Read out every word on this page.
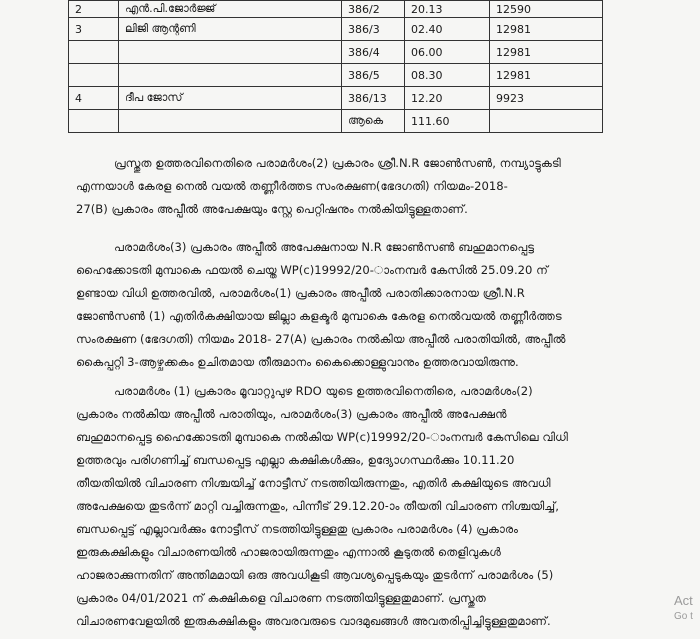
2	എൻ.പി.ജോർജ്ജ്	386/2	20.13	12590
3	ലിജി ആന്റണി	386/3	02.40	12981
		386/4	06.00	12981
		386/5	08.30	12981
4	ദീപ ജോസ്	386/13	12.20	9923
		ആകെ	111.60	
പ്രസ്തുത ഉത്തരവിനെതിരെ പരാമർശം(2) പ്രകാരം ശ്രീ.N.R ജോൺസൺ, നമ്പ്യാട്ടുകടി
എന്നയാൾ കേരള നെൽ വയൽ തണ്ണീർത്തട സംരക്ഷണ(ഭേദഗതി) നിയമം-2018-
27(B) പ്രകാരം അപ്പീൽ അപേക്ഷയും സ്റ്റേ പെറ്റിഷനും നൽകിയിട്ടുള്ളതാണ്.
പരാമർശം(3) പ്രകാരം അപ്പീൽ അപേക്ഷനായ N.R ജോൺസൺ ബഹുമാനപ്പെട്ട
ഹൈക്കോടതി മുമ്പാകെ ഫയൽ ചെയ്ത WP(c)19992/20-ാംനമ്പർ കേസിൽ 25.09.20 ന്
ഉണ്ടായ വിധി ഉത്തരവിൽ, പരാമർശം(1) പ്രകാരം അപ്പീൽ പരാതിക്കാരനായ ശ്രീ.N.R
ജോൺസൺ (1) എതിർകക്ഷിയായ ജില്ലാ കളക്ടർ മുമ്പാകെ കേരള നെൽവയൽ തണ്ണീർത്തട
സംരക്ഷണ (ഭേദഗതി) നിയമം 2018- 27(A) പ്രകാരം നൽകിയ അപ്പീൽ പരാതിയിൽ, അപ്പീൽ
കൈപ്പറ്റി 3-ആഴ്ചക്കകം ഉചിതമായ തീരുമാനം കൈക്കൊള്ളുവാനും ഉത്തരവായിരുന്നു.
പരാമർശം (1) പ്രകാരം മൂവാറ്റുപുഴ RDO യുടെ ഉത്തരവിനെതിരെ, പരാമർശം(2)
പ്രകാരം നൽകിയ അപ്പീൽ പരാതിയും, പരാമർശം(3) പ്രകാരം അപ്പീൽ അപേക്ഷൻ
ബഹുമാനപ്പെട്ട ഹൈക്കോടതി മുമ്പാകെ നൽകിയ WP(c)19992/20-ാംനമ്പർ കേസിലെ വിധി
ഉത്തരവും പരിഗണിച്ച് ബന്ധപ്പെട്ട എല്ലാ കക്ഷികൾക്കും, ഉദ്യോഗസ്ഥർക്കും 10.11.20
തീയതിയിൽ വിചാരണ നിശ്ചയിച്ച് നോട്ടീസ് നടത്തിയിരുന്നതും, എതിർ കക്ഷിയുടെ അവധി
അപേക്ഷയെ തുടർന്ന് മാറ്റി വച്ചിരുന്നതും, പിന്നീട് 29.12.20-ാം തീയതി വിചാരണ നിശ്ചയിച്ച്,
ബന്ധപ്പെട്ട് എല്ലാവർക്കും നോട്ടീസ് നടത്തിയിട്ടുള്ളതു പ്രകാരം പരാമർശം (4) പ്രകാരം
ഇരുകക്ഷികളും വിചാരണയിൽ ഹാജരായിരുന്നതും എന്നാൽ കൂടുതൽ തെളിവുകൾ
ഹാജരാക്കുന്നതിന് അന്തിമമായി ഒരു അവധികൂടി ആവശ്യപ്പെടുകയും തുടർന്ന് പരാമർശം (5)
പ്രകാരം 04/01/2021 ന് കക്ഷികളെ വിചാരണ നടത്തിയിട്ടുള്ളതുമാണ്. പ്രസ്തുത
വിചാരണവേളയിൽ ഇരുകക്ഷികളും അവരവരുടെ വാദമുഖങ്ങൾ അവതരിപ്പിച്ചിട്ടുള്ളതുമാണ്.
Act
Go t
